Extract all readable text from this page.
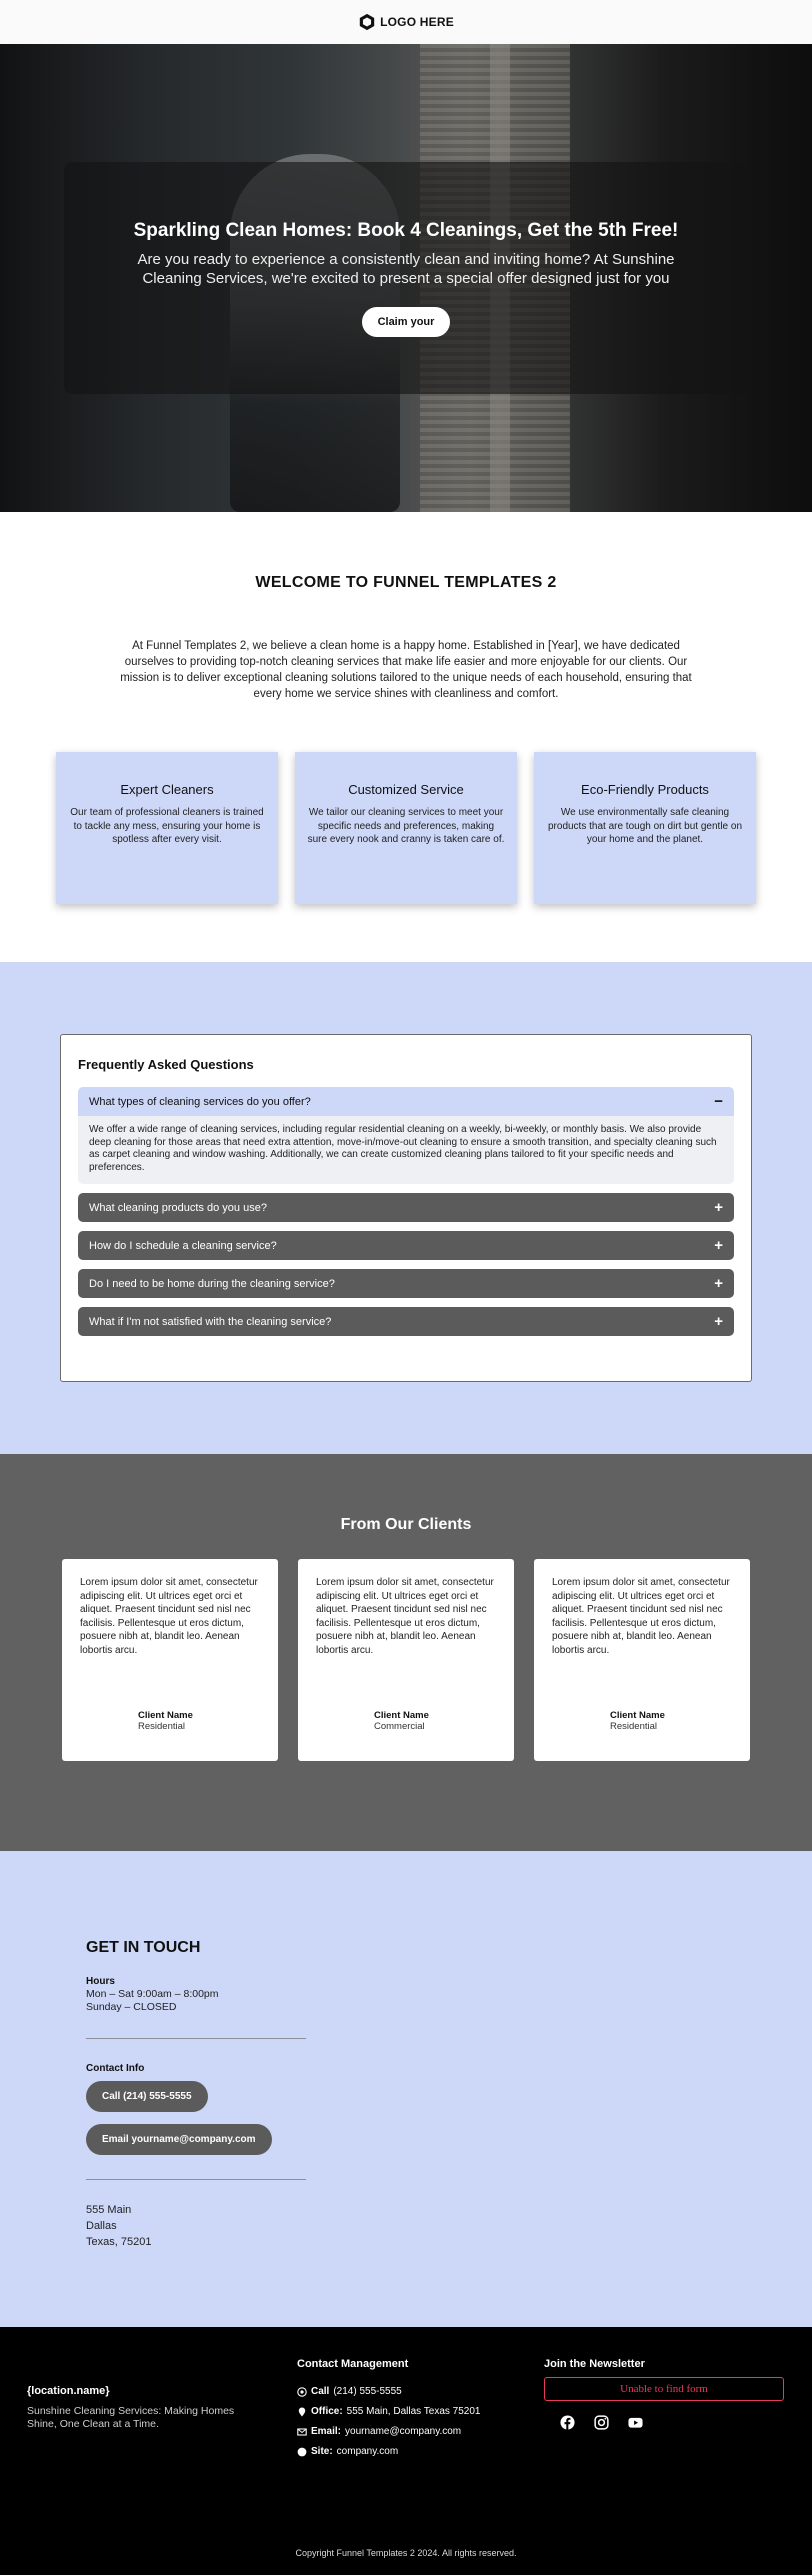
LOGO HERE
Sparkling Clean Homes: Book 4 Cleanings, Get the 5th Free!
Are you ready to experience a consistently clean and inviting home? At Sunshine Cleaning Services, we're excited to present a special offer designed just for you
Claim your
WELCOME TO FUNNEL TEMPLATES 2

At Funnel Templates 2, we believe a clean home is a happy home. Established in [Year], we have dedicated ourselves to providing top-notch cleaning services that make life easier and more enjoyable for our clients. Our mission is to deliver exceptional cleaning solutions tailored to the unique needs of each household, ensuring that every home we service shines with cleanliness and comfort.

Expert Cleaners

Our team of professional cleaners is trained to tackle any mess, ensuring your home is spotless after every visit.

Customized Service

We tailor our cleaning services to meet your specific needs and preferences, making sure every nook and cranny is taken care of.

Eco-Friendly Products

We use environmentally safe cleaning products that are tough on dirt but gentle on your home and the planet.

Frequently Asked Questions
What types of cleaning services do you offer?	−
We offer a wide range of cleaning services, including regular residential cleaning on a weekly, bi-weekly, or monthly basis. We also provide deep cleaning for those areas that need extra attention, move-in/move-out cleaning to ensure a smooth transition, and specialty cleaning such as carpet cleaning and window washing. Additionally, we can create customized cleaning plans tailored to fit your specific needs and preferences.
What cleaning products do you use?	+
How do I schedule a cleaning service?	+
Do I need to be home during the cleaning service?	+
What if I'm not satisfied with the cleaning service?	+
From Our Clients

Lorem ipsum dolor sit amet, consectetur adipiscing elit. Ut ultrices eget orci et aliquet. Praesent tincidunt sed nisl nec facilisis. Pellentesque ut eros dictum, posuere nibh at, blandit leo. Aenean lobortis arcu.

Client Name
Residential

Lorem ipsum dolor sit amet, consectetur adipiscing elit. Ut ultrices eget orci et aliquet. Praesent tincidunt sed nisl nec facilisis. Pellentesque ut eros dictum, posuere nibh at, blandit leo. Aenean lobortis arcu.

Client Name
Commercial

Lorem ipsum dolor sit amet, consectetur adipiscing elit. Ut ultrices eget orci et aliquet. Praesent tincidunt sed nisl nec facilisis. Pellentesque ut eros dictum, posuere nibh at, blandit leo. Aenean lobortis arcu.

Client Name
Residential
GET IN TOUCH
Hours
Mon – Sat 9:00am – 8:00pm
Sunday – CLOSED
Contact Info
Call (214) 555-5555
Email yourname@company.com
555 Main
Dallas
Texas, 75201
{location.name}
Sunshine Cleaning Services: Making Homes Shine, One Clean at a Time.
Contact Management
Call (214) 555-5555
Office: 555 Main, Dallas Texas 75201
Email: yourname@company.com
Site: company.com
Join the Newsletter
Unable to find form
Copyright Funnel Templates 2 2024. All rights reserved.
